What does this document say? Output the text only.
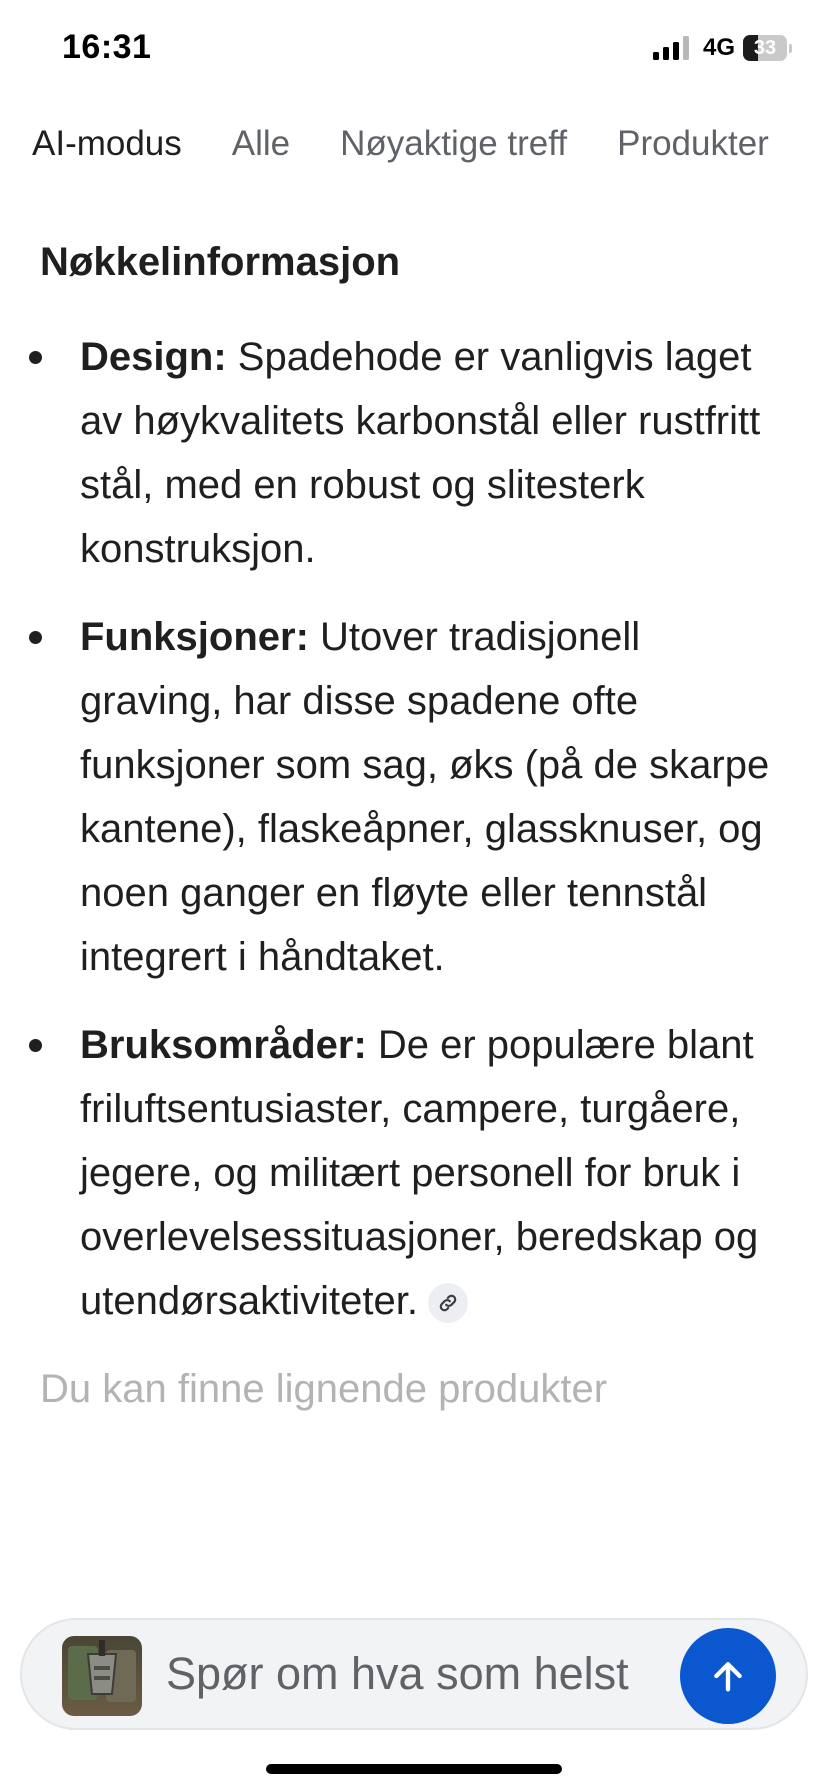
16:31	4G 33
AI-modus Alle Nøyaktige treff Produkter
Nøkkelinformasjon
Design: Spadehode er vanligvis laget av høykvalitets karbonstål eller rustfritt stål, med en robust og slitesterk konstruksjon.
Funksjoner: Utover tradisjonell graving, har disse spadene ofte funksjoner som sag, øks (på de skarpe kantene), flaskeåpner, glassknuser, og noen ganger en fløyte eller tennstål integrert i håndtaket.
Bruksområder: De er populære blant friluftsentusiaster, campere, turgåere, jegere, og militært personell for bruk i overlevelsessituasjoner, beredskap og utendørsaktiviteter.

Du kan finne lignende produkter

Spør om hva som helst
